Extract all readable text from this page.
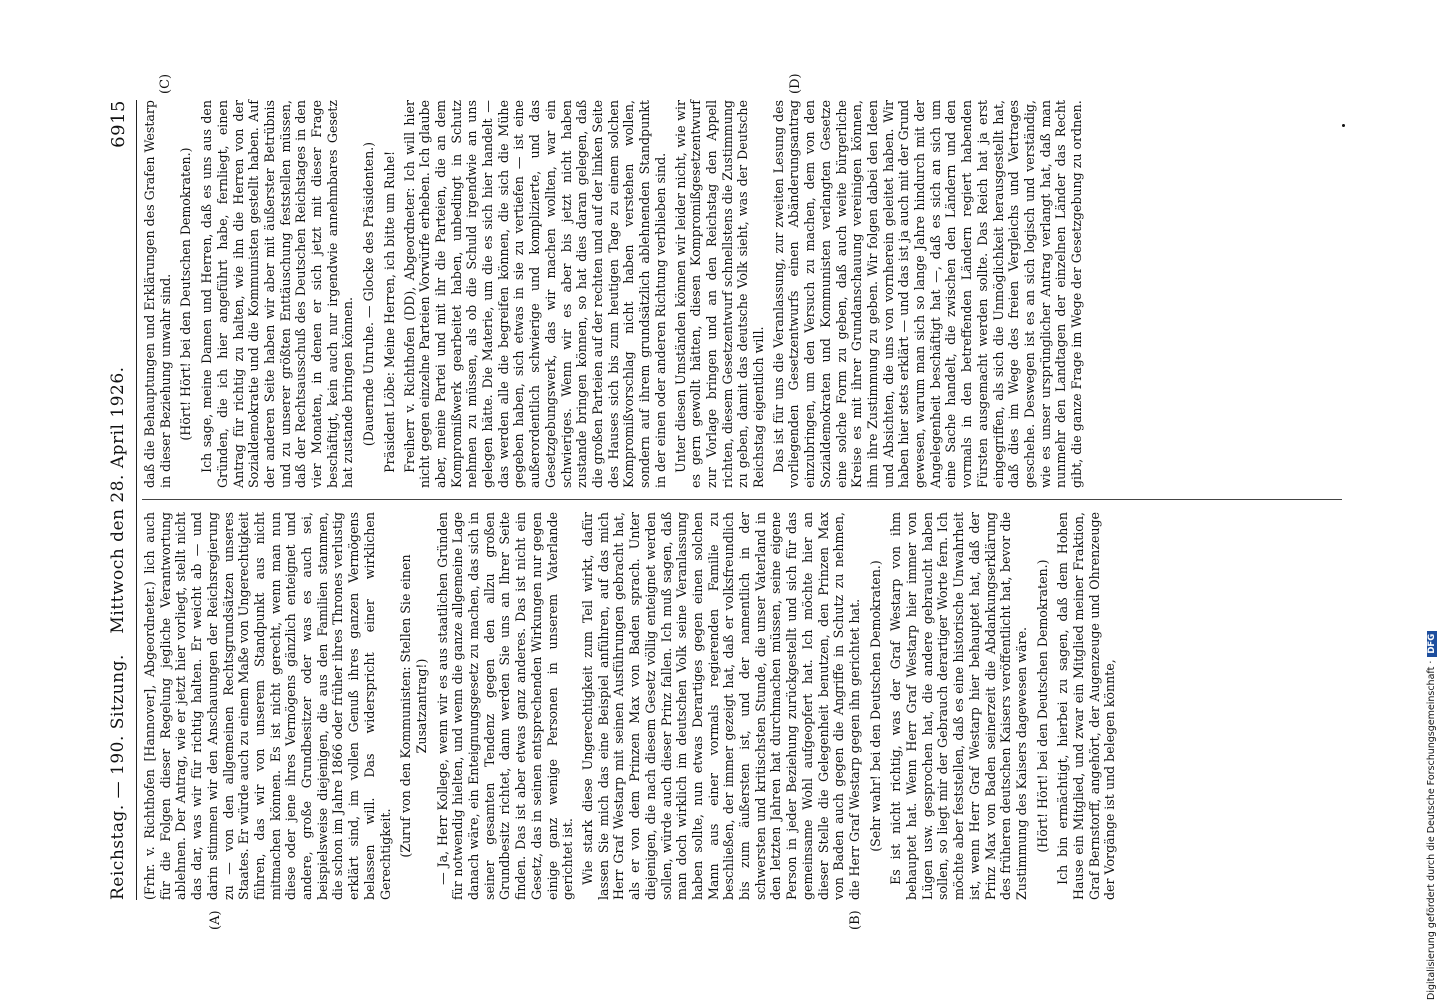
Reichstag. — 190. Sitzung.
Mittwoch den 28. April 1926.
6915
(A)	(B)
(C)	(D)

(Frhr. v. Richthofen [Hannover], Abgeordneter.) lich auch für die Folgen dieser Regelung jegliche Verantwortung ablehnen. Der Antrag, wie er jetzt hier vorliegt, stellt nicht das dar, was wir für richtig halten. Er weicht ab — und darin stimmen wir den Anschauungen der Reichsregierung zu — von den allgemeinen Rechtsgrundsätzen unseres Staates. Er würde auch zu einem Maße von Ungerechtigkeit führen, das wir von unserem Standpunkt aus nicht mitmachen können. Es ist nicht gerecht, wenn man nun diese oder jene ihres Vermögens gänzlich enteignet und andere, große Grundbesitzer oder was es auch sei, beispielsweise diejenigen, die aus den Familien stammen, die schon im Jahre 1866 oder früher ihres Thrones verlustig erklärt sind, im vollen Genuß ihres ganzen Vermögens belassen will. Das widerspricht einer wirklichen Gerechtigkeit. (Zuruf von den Kommunisten: Stellen Sie einen Zusatzantrag!) — Ja, Herr Kollege, wenn wir es aus staatlichen Gründen für notwendig hielten, und wenn die ganze allgemeine Lage danach wäre, ein Enteignungsgesetz zu machen, das sich in seiner gesamten Tendenz gegen den allzu großen Grundbesitz richtet, dann werden Sie uns an Ihrer Seite finden. Das ist aber etwas ganz anderes. Das ist nicht ein Gesetz, das in seinen entsprechenden Wirkungen nur gegen einige ganz wenige Personen in unserem Vaterlande gerichtet ist. Wie stark diese Ungerechtigkeit zum Teil wirkt, dafür lassen Sie mich das eine Beispiel anführen, auf das mich Herr Graf Westarp mit seinen Ausführungen gebracht hat, als er von dem Prinzen Max von Baden sprach. Unter diejenigen, die nach diesem Gesetz völlig enteignet werden sollen, würde auch dieser Prinz fallen. Ich muß sagen, daß man doch wirklich im deutschen Volk seine Veranlassung haben sollte, nun etwas Derartiges gegen einen solchen Mann aus einer vormals regierenden Familie zu beschließen, der immer gezeigt hat, daß er volksfreundlich bis zum äußersten ist, und der namentlich in der schwersten und kritischsten Stunde, die unser Vaterland in den letzten Jahren hat durchmachen müssen, seine eigene Person in jeder Beziehung zurückgestellt und sich für das gemeinsame Wohl aufgeopfert hat. Ich möchte hier an dieser Stelle die Gelegenheit benutzen, den Prinzen Max von Baden auch gegen die Angriffe in Schutz zu nehmen, die Herr Graf Westarp gegen ihn gerichtet hat. (Sehr wahr! bei den Deutschen Demokraten.) Es ist nicht richtig, was der Graf Westarp von ihm behauptet hat. Wenn Herr Graf Westarp hier immer von Lügen usw. gesprochen hat, die andere gebraucht haben sollen, so liegt mir der Gebrauch derartiger Worte fern. Ich möchte aber feststellen, daß es eine historische Unwahrheit ist, wenn Herr Graf Westarp hier behauptet hat, daß der Prinz Max von Baden seinerzeit die Abdankungserklärung des früheren deutschen Kaisers veröffentlicht hat, bevor die Zustimmung des Kaisers dagewesen wäre. (Hört! Hört! bei den Deutschen Demokraten.) Ich bin ermächtigt, hierbei zu sagen, daß dem Hohen Hause ein Mitglied, und zwar ein Mitglied meiner Fraktion, Graf Bernstorff, angehört, der Augenzeuge und Ohrenzeuge der Vorgänge ist und belegen könnte,

daß die Behauptungen und Erklärungen des Grafen Westarp in dieser Beziehung unwahr sind. (Hört! Hört! bei den Deutschen Demokraten.) Ich sage, meine Damen und Herren, daß es uns aus den Gründen, die ich hier angeführt habe, fernliegt, einen Antrag für richtig zu halten, wie ihn die Herren von der Sozialdemokratie und die Kommunisten gestellt haben. Auf der anderen Seite haben wir aber mit äußerster Betrübnis und zu unserer größten Enttäuschung feststellen müssen, daß der Rechtsausschuß des Deutschen Reichstages in den vier Monaten, in denen er sich jetzt mit dieser Frage beschäftigt, kein auch nur irgendwie annehmbares Gesetz hat zustande bringen können. (Dauernde Unruhe. — Glocke des Präsidenten.) Präsident Löbe: Meine Herren, ich bitte um Ruhe! Freiherr v. Richthofen (DD), Abgeordneter: Ich will hier nicht gegen einzelne Parteien Vorwürfe erheben. Ich glaube aber, meine Partei und mit ihr die Parteien, die an dem Kompromißwerk gearbeitet haben, unbedingt in Schutz nehmen zu müssen, als ob die Schuld irgendwie an uns gelegen hätte. Die Materie, um die es sich hier handelt — das werden alle die begreifen können, die sich die Mühe gegeben haben, sich etwas in sie zu vertiefen — ist eine außerordentlich schwierige und komplizierte, und das Gesetzgebungswerk, das wir machen wollten, war ein schwieriges. Wenn wir es aber bis jetzt nicht haben zustande bringen können, so hat dies daran gelegen, daß die großen Parteien auf der rechten und auf der linken Seite des Hauses sich bis zum heutigen Tage zu einem solchen Kompromißvorschlag nicht haben verstehen wollen, sondern auf ihrem grundsätzlich ablehnenden Standpunkt in der einen oder anderen Richtung verblieben sind. Unter diesen Umständen können wir leider nicht, wie wir es gern gewollt hätten, diesen Kompromißgesetzentwurf zur Vorlage bringen und an den Reichstag den Appell richten, diesem Gesetzentwurf schnellstens die Zustimmung zu geben, damit das deutsche Volk sieht, was der Deutsche Reichstag eigentlich will. Das ist für uns die Veranlassung, zur zweiten Lesung des vorliegenden Gesetzentwurfs einen Abänderungsantrag einzubringen, um den Versuch zu machen, dem von den Sozialdemokraten und Kommunisten verlangten Gesetze eine solche Form zu geben, daß auch weite bürgerliche Kreise es mit ihrer Grundanschauung vereinigen können, ihm ihre Zustimmung zu geben. Wir folgen dabei den Ideen und Absichten, die uns von vornherein geleitet haben. Wir haben hier stets erklärt — und das ist ja auch mit der Grund gewesen, warum man sich so lange Jahre hindurch mit der Angelegenheit beschäftigt hat —, daß es sich an sich um eine Sache handelt, die zwischen den Ländern und den vormals in den betreffenden Ländern regiert habenden Fürsten ausgemacht werden sollte. Das Reich hat ja erst eingegriffen, als sich die Unmöglichkeit herausgestellt hat, daß dies im Wege des freien Vergleichs und Vertrages geschehe. Deswegen ist es an sich logisch und verständig, wie es unser ursprünglicher Antrag verlangt hat, daß man nunmehr den Landtagen der einzelnen Länder das Recht gibt, die ganze Frage im Wege der Gesetzgebung zu ordnen.

Digitalisierung gefördert durch die Deutsche Forschungsgemeinschaft ·DFG
